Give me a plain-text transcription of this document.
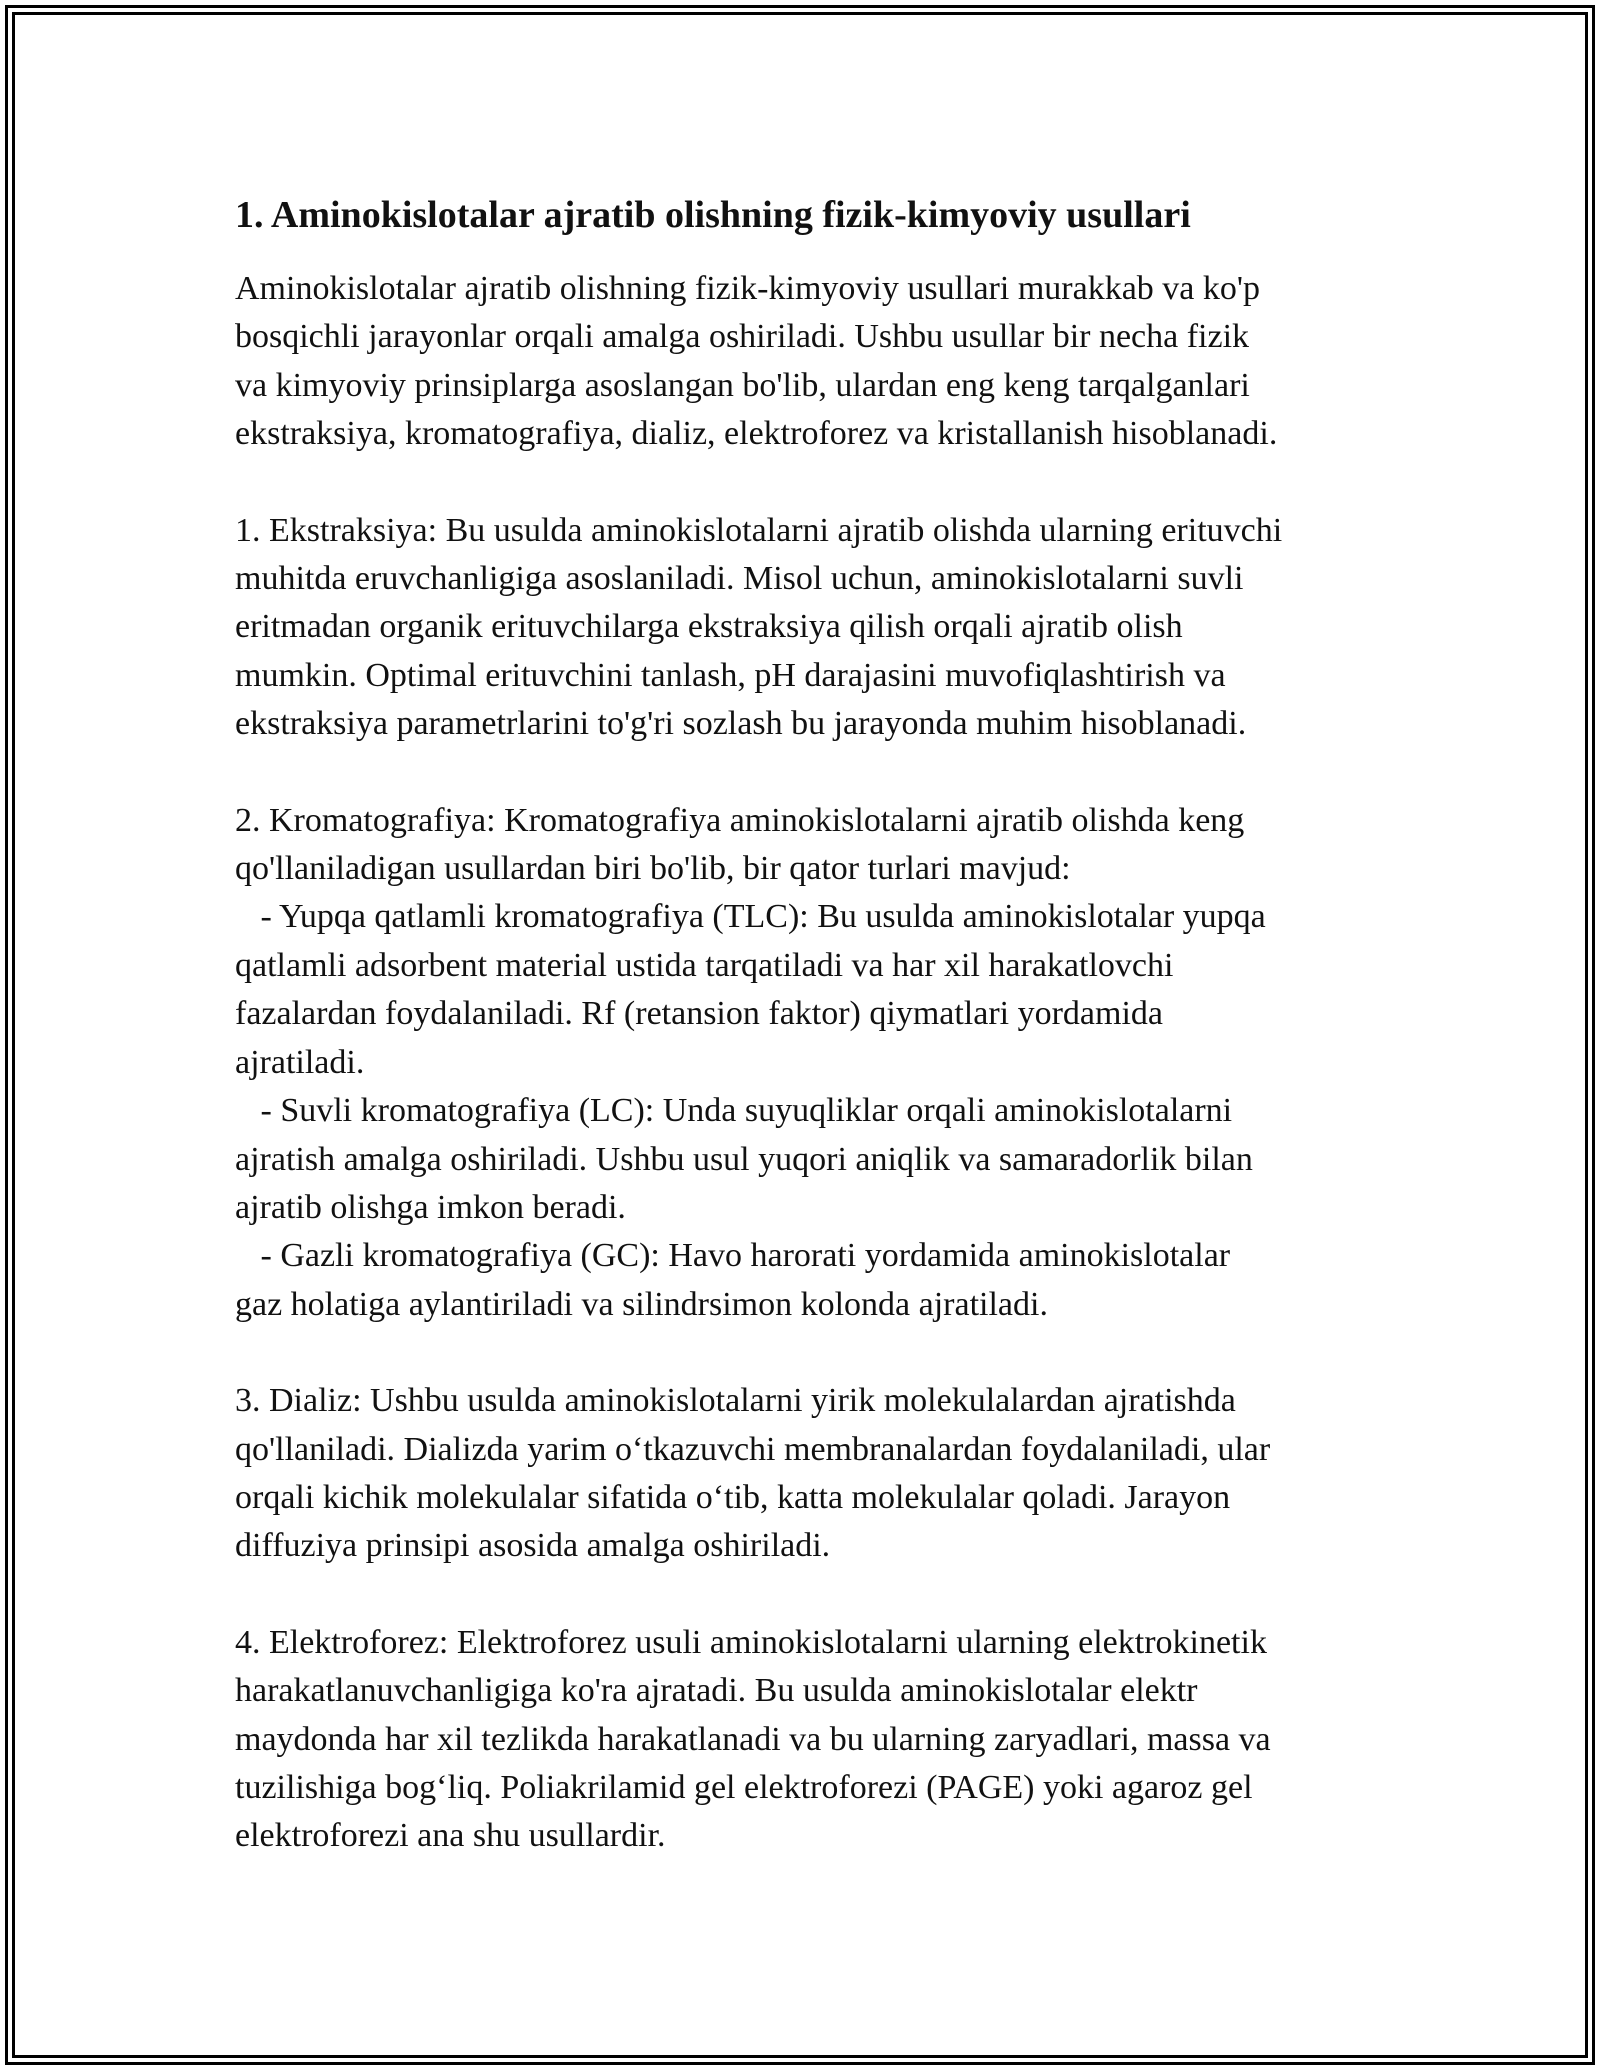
1. Aminokislotalar ajratib olishning fizik-kimyoviy usullari

Aminokislotalar ajratib olishning fizik-kimyoviy usullari murakkab va ko'p
bosqichli jarayonlar orqali amalga oshiriladi. Ushbu usullar bir necha fizik
va kimyoviy prinsiplarga asoslangan bo'lib, ulardan eng keng tarqalganlari
ekstraksiya, kromatografiya, dializ, elektroforez va kristallanish hisoblanadi.

1. Ekstraksiya: Bu usulda aminokislotalarni ajratib olishda ularning erituvchi
muhitda eruvchanligiga asoslaniladi. Misol uchun, aminokislotalarni suvli
eritmadan organik erituvchilarga ekstraksiya qilish orqali ajratib olish
mumkin. Optimal erituvchini tanlash, pH darajasini muvofiqlashtirish va
ekstraksiya parametrlarini to'g'ri sozlash bu jarayonda muhim hisoblanadi.

2. Kromatografiya: Kromatografiya aminokislotalarni ajratib olishda keng
qo'llaniladigan usullardan biri bo'lib, bir qator turlari mavjud:
- Yupqa qatlamli kromatografiya (TLC): Bu usulda aminokislotalar yupqa
qatlamli adsorbent material ustida tarqatiladi va har xil harakatlovchi
fazalardan foydalaniladi. Rf (retansion faktor) qiymatlari yordamida
ajratiladi.
- Suvli kromatografiya (LC): Unda suyuqliklar orqali aminokislotalarni
ajratish amalga oshiriladi. Ushbu usul yuqori aniqlik va samaradorlik bilan
ajratib olishga imkon beradi.
- Gazli kromatografiya (GC): Havo harorati yordamida aminokislotalar
gaz holatiga aylantiriladi va silindrsimon kolonda ajratiladi.

3. Dializ: Ushbu usulda aminokislotalarni yirik molekulalardan ajratishda
qo'llaniladi. Dializda yarim o‘tkazuvchi membranalardan foydalaniladi, ular
orqali kichik molekulalar sifatida o‘tib, katta molekulalar qoladi. Jarayon
diffuziya prinsipi asosida amalga oshiriladi.

4. Elektroforez: Elektroforez usuli aminokislotalarni ularning elektrokinetik
harakatlanuvchanligiga ko'ra ajratadi. Bu usulda aminokislotalar elektr
maydonda har xil tezlikda harakatlanadi va bu ularning zaryadlari, massa va
tuzilishiga bog‘liq. Poliakrilamid gel elektroforezi (PAGE) yoki agaroz gel
elektroforezi ana shu usullardir.
